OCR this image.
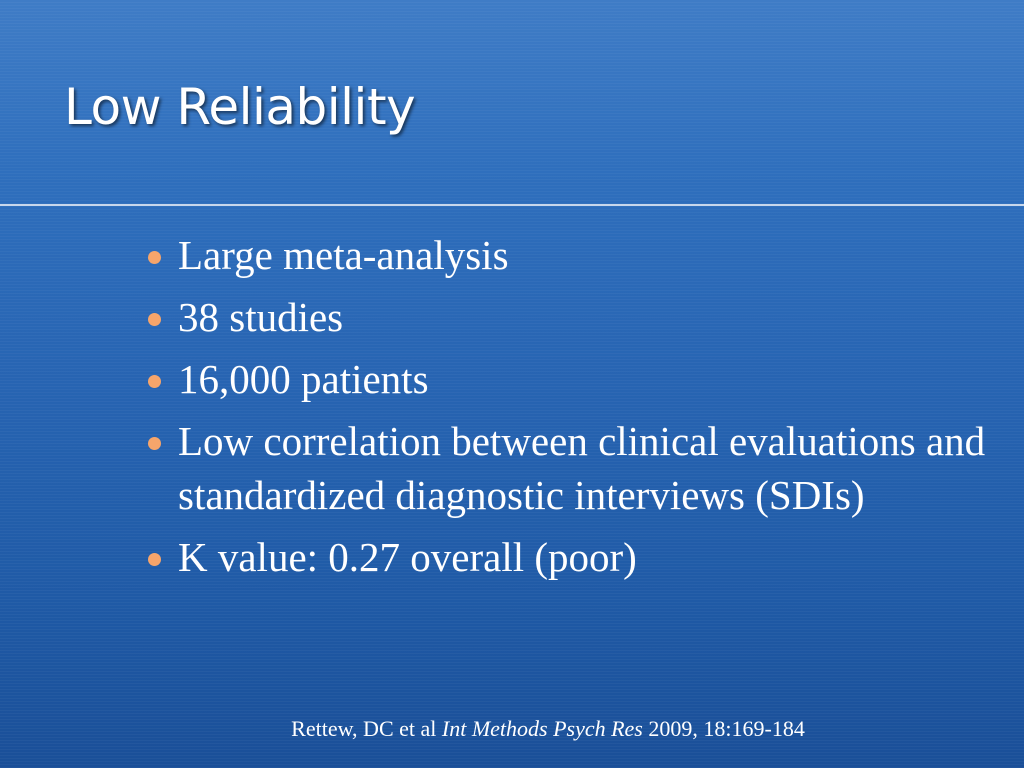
Low Reliability
Large meta-analysis
38 studies
16,000 patients
Low correlation between clinical evaluations and standardized diagnostic interviews (SDIs)
K value: 0.27 overall (poor)
Rettew, DC et al Int Methods Psych Res 2009, 18:169-184
